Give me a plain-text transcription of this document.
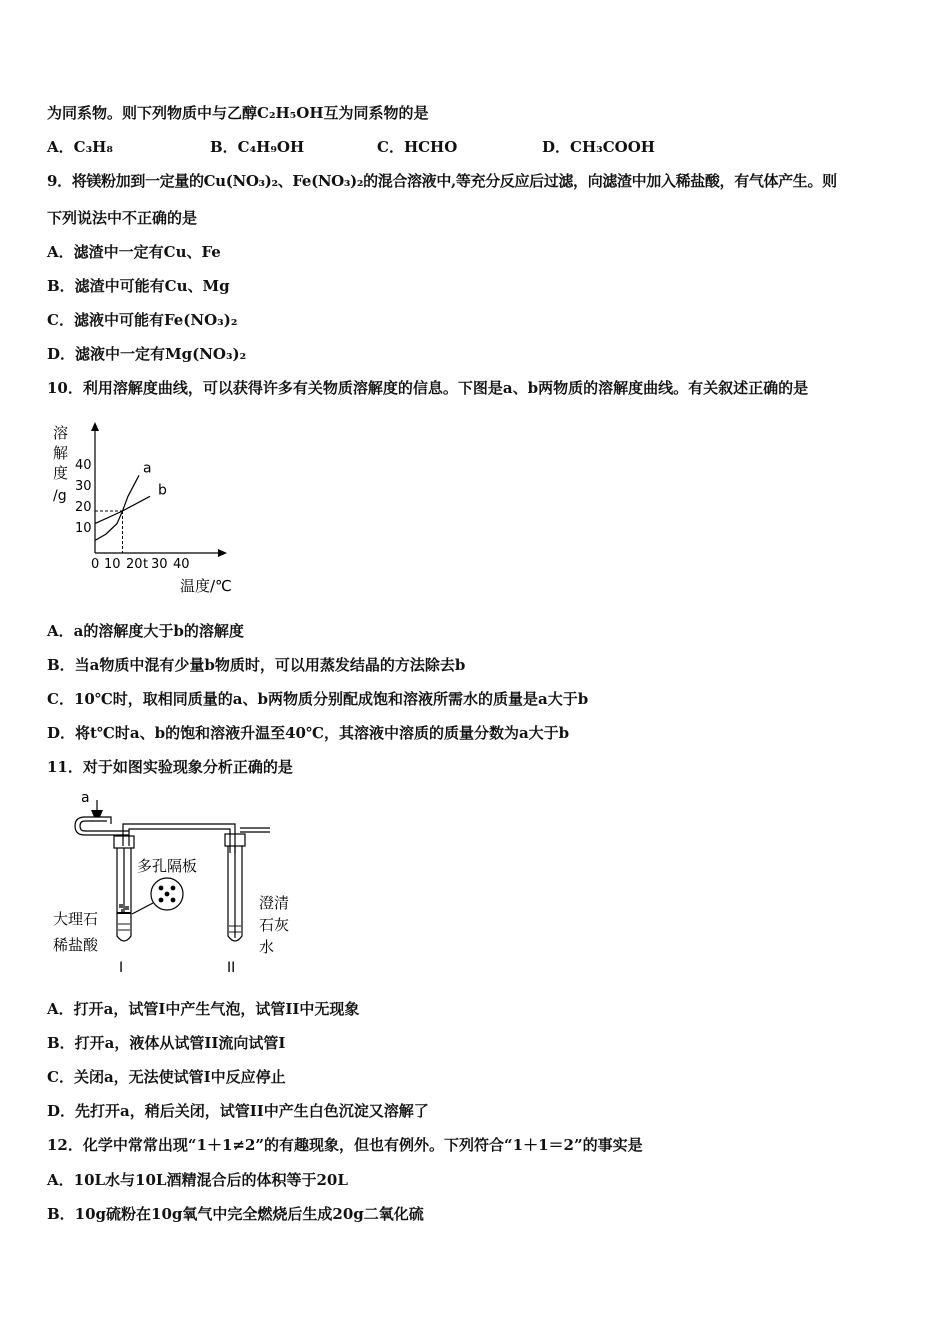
为同系物。则下列物质中与乙醇C₂H₅OH互为同系物的是
A．C₃H₈	B．C₄H₉OH	C．HCHO	D．CH₃COOH
9．将镁粉加到一定量的Cu(NO₃)₂、Fe(NO₃)₂的混合溶液中,等充分反应后过滤，向滤渣中加入稀盐酸，有气体产生。则
下列说法中不正确的是
A．滤渣中一定有Cu、Fe
B．滤渣中可能有Cu、Mg
C．滤液中可能有Fe(NO₃)₂
D．滤液中一定有Mg(NO₃)₂
10．利用溶解度曲线，可以获得许多有关物质溶解度的信息。下图是a、b两物质的溶解度曲线。有关叙述正确的是
溶
解
度
/g
10
20
30
40
0 10 20 t 30 40
温度/℃
a
b
A．a的溶解度大于b的溶解度
B．当a物质中混有少量b物质时，可以用蒸发结晶的方法除去b
C．10℃时，取相同质量的a、b两物质分别配成饱和溶液所需水的质量是a大于b
D．将t℃时a、b的饱和溶液升温至40℃，其溶液中溶质的质量分数为a大于b
11．对于如图实验现象分析正确的是
a
多孔隔板
大理石
稀盐酸
澄清
石灰
水
I	II
A．打开a，试管I中产生气泡，试管II中无现象
B．打开a，液体从试管II流向试管I
C．关闭a，无法使试管I中反应停止
D．先打开a，稍后关闭，试管II中产生白色沉淀又溶解了
12．化学中常常出现“1＋1≠2”的有趣现象，但也有例外。下列符合“1＋1＝2”的事实是
A．10L水与10L酒精混合后的体积等于20L
B．10g硫粉在10g氧气中完全燃烧后生成20g二氧化硫
